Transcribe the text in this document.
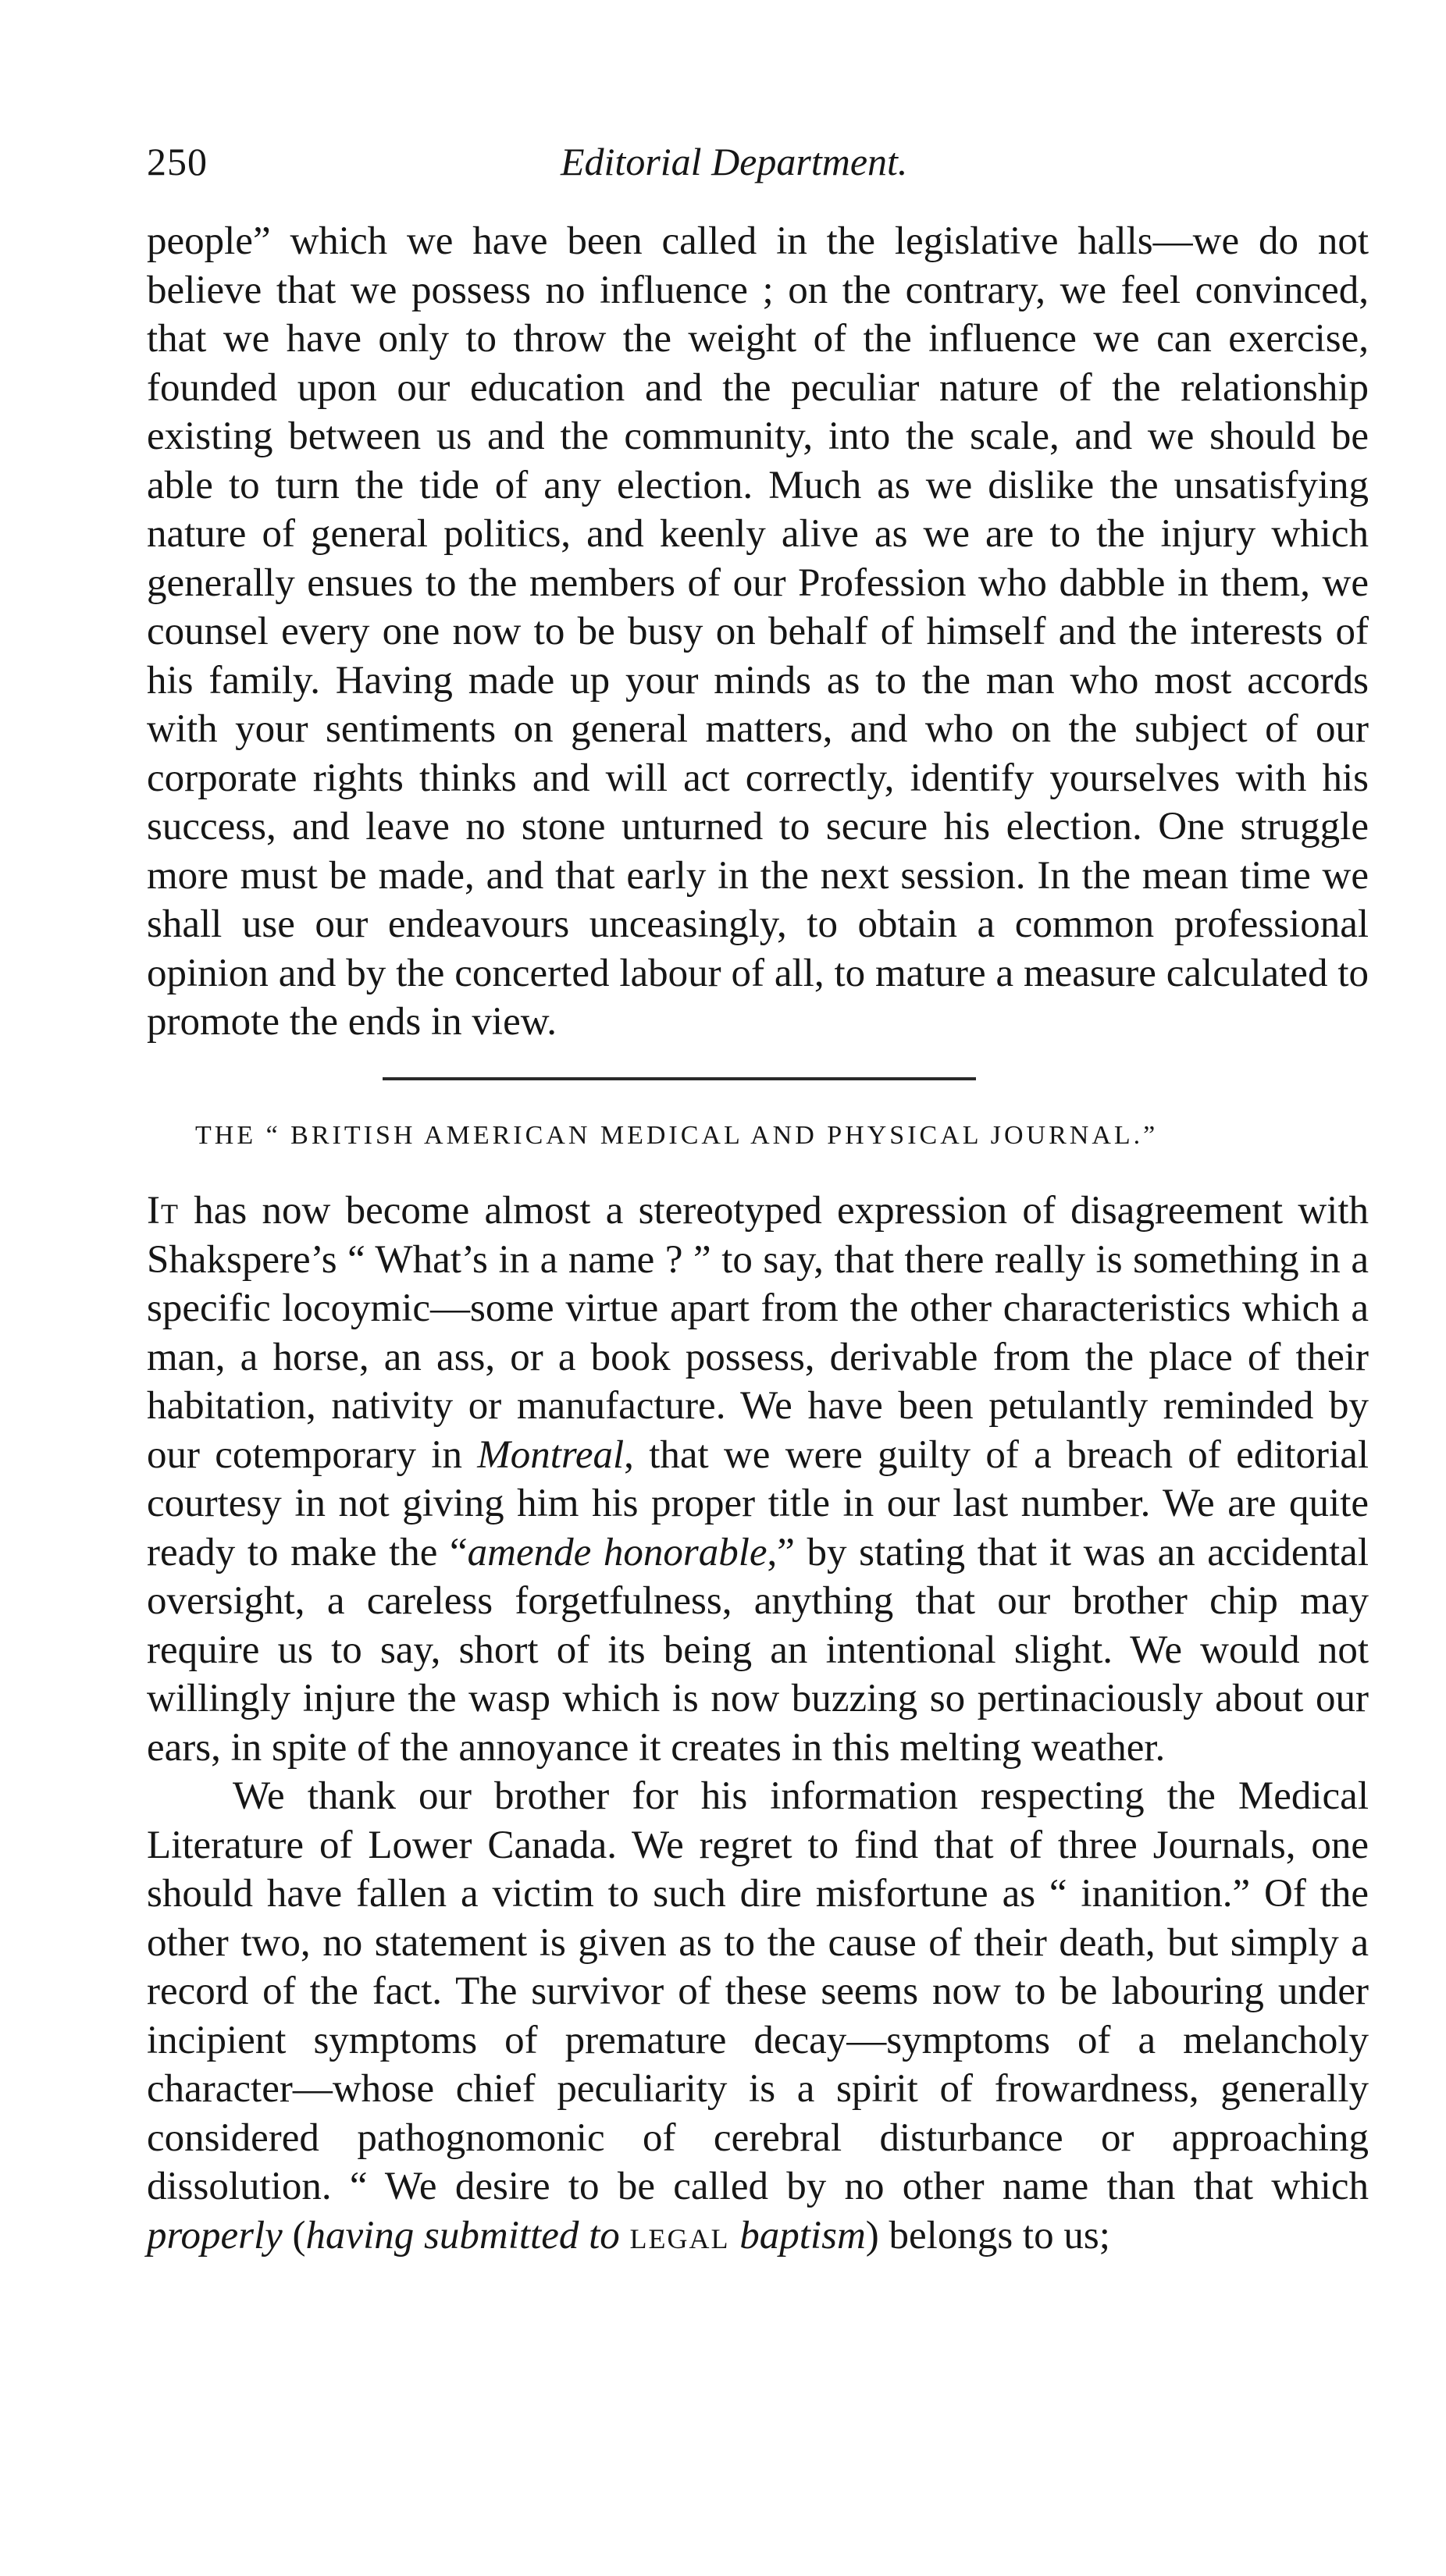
250	Editorial Department.

people” which we have been called in the legislative halls—we do not believe that we possess no influence ; on the contrary, we feel convinced, that we have only to throw the weight of the influence we can exercise, founded upon our education and the peculiar nature of the relationship existing between us and the community, into the scale, and we should be able to turn the tide of any election. Much as we dislike the unsatisfying nature of general politics, and keenly alive as we are to the injury which generally ensues to the members of our Profession who dabble in them, we counsel every one now to be busy on behalf of himself and the interests of his family. Having made up your minds as to the man who most accords with your sentiments on general matters, and who on the subject of our corporate rights thinks and will act correctly, identify yourselves with his success, and leave no stone unturned to secure his election. One struggle more must be made, and that early in the next session. In the mean time we shall use our endeavours unceasingly, to obtain a common professional opinion and by the concerted labour of all, to mature a measure calculated to promote the ends in view.

THE “ BRITISH AMERICAN MEDICAL AND PHYSICAL JOURNAL.”

It has now become almost a stereotyped expression of disagreement with Shakspere’s “ What’s in a name ? ” to say, that there really is something in a specific locoymic—some virtue apart from the other characteristics which a man, a horse, an ass, or a book possess, derivable from the place of their habitation, nativity or manufacture. We have been petulantly reminded by our cotemporary in Montreal, that we were guilty of a breach of editorial courtesy in not giving him his proper title in our last number. We are quite ready to make the “amende honorable,” by stating that it was an accidental oversight, a careless forgetfulness, anything that our brother chip may require us to say, short of its being an intentional slight. We would not willingly injure the wasp which is now buzzing so pertinaciously about our ears, in spite of the annoyance it creates in this melting weather.

We thank our brother for his information respecting the Medical Literature of Lower Canada. We regret to find that of three Journals, one should have fallen a victim to such dire misfortune as “ inanition.” Of the other two, no statement is given as to the cause of their death, but simply a record of the fact. The survivor of these seems now to be labouring under incipient symptoms of premature decay—symptoms of a melancholy character—whose chief peculiarity is a spirit of frowardness, generally considered pathognomonic of cerebral disturbance or approaching dissolution. “ We desire to be called by no other name than that which properly (having submitted to legal baptism) belongs to us;
